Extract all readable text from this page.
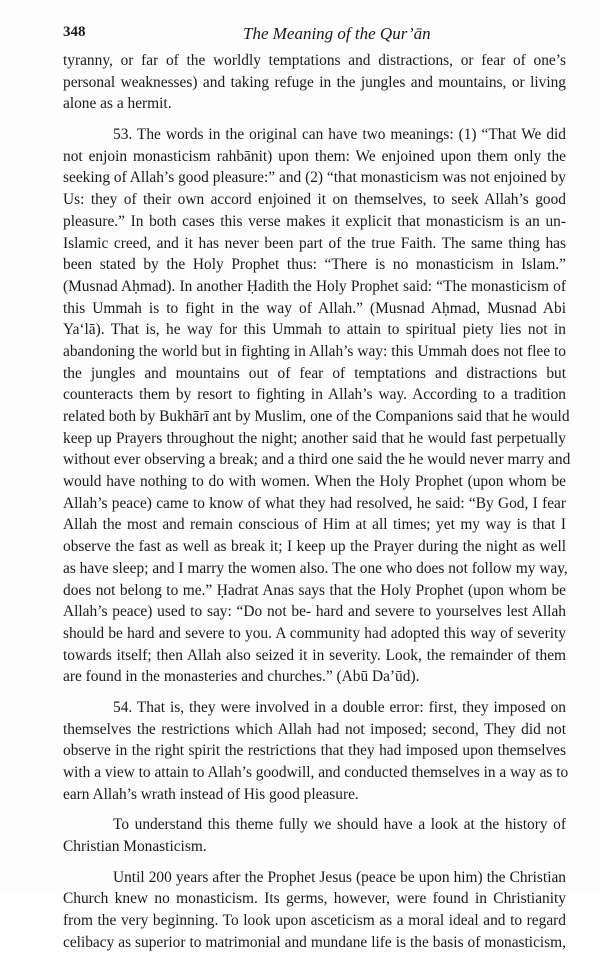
348	The Meaning of the Qur’ān
tyranny, or far of the worldly temptations and distractions, or fear of one’s
personal weaknesses) and taking refuge in the jungles and mountains, or living
alone as a hermit.
53. The words in the original can have two meanings: (1) “That We did
not enjoin monasticism rahbānit) upon them: We enjoined upon them only the
seeking of Allah’s good pleasure:” and (2) “that monasticism was not enjoined by
Us: they of their own accord enjoined it on themselves, to seek Allah’s good
pleasure.” In both cases this verse makes it explicit that monasticism is an un-
Islamic creed, and it has never been part of the true Faith. The same thing has
been stated by the Holy Prophet thus: “There is no monasticism in Islam.”
(Musnad Aḥmad). In another Ḥadith the Holy Prophet said: “The monasticism of
this Ummah is to fight in the way of Allah.” (Musnad Aḥmad, Musnad Abi
Ya‘lā). That is, he way for this Ummah to attain to spiritual piety lies not in
abandoning the world but in fighting in Allah’s way: this Ummah does not flee to
the jungles and mountains out of fear of temptations and distractions but
counteracts them by resort to fighting in Allah’s way. According to a tradition
related both by Bukhārī ant by Muslim, one of the Companions said that he would
keep up Prayers throughout the night; another said that he would fast perpetually
without ever observing a break; and a third one said the he would never marry and
would have nothing to do with women. When the Holy Prophet (upon whom be
Allah’s peace) came to know of what they had resolved, he said: “By God, I fear
Allah the most and remain conscious of Him at all times; yet my way is that I
observe the fast as well as break it; I keep up the Prayer during the night as well
as have sleep; and I marry the women also. The one who does not follow my way,
does not belong to me.” Ḥadrat Anas says that the Holy Prophet (upon whom be
Allah’s peace) used to say: “Do not be- hard and severe to yourselves lest Allah
should be hard and severe to you. A community had adopted this way of severity
towards itself; then Allah also seized it in severity. Look, the remainder of them
are found in the monasteries and churches.” (Abū Da’ūd).
54. That is, they were involved in a double error: first, they imposed on
themselves the restrictions which Allah had not imposed; second, They did not
observe in the right spirit the restrictions that they had imposed upon themselves
with a view to attain to Allah’s goodwill, and conducted themselves in a way as to
earn Allah’s wrath instead of His good pleasure.
To understand this theme fully we should have a look at the history of
Christian Monasticism.
Until 200 years after the Prophet Jesus (peace be upon him) the Christian
Church knew no monasticism. Its germs, however, were found in Christianity
from the very beginning. To look upon asceticism as a moral ideal and to regard
celibacy as superior to matrimonial and mundane life is the basis of monasticism,
